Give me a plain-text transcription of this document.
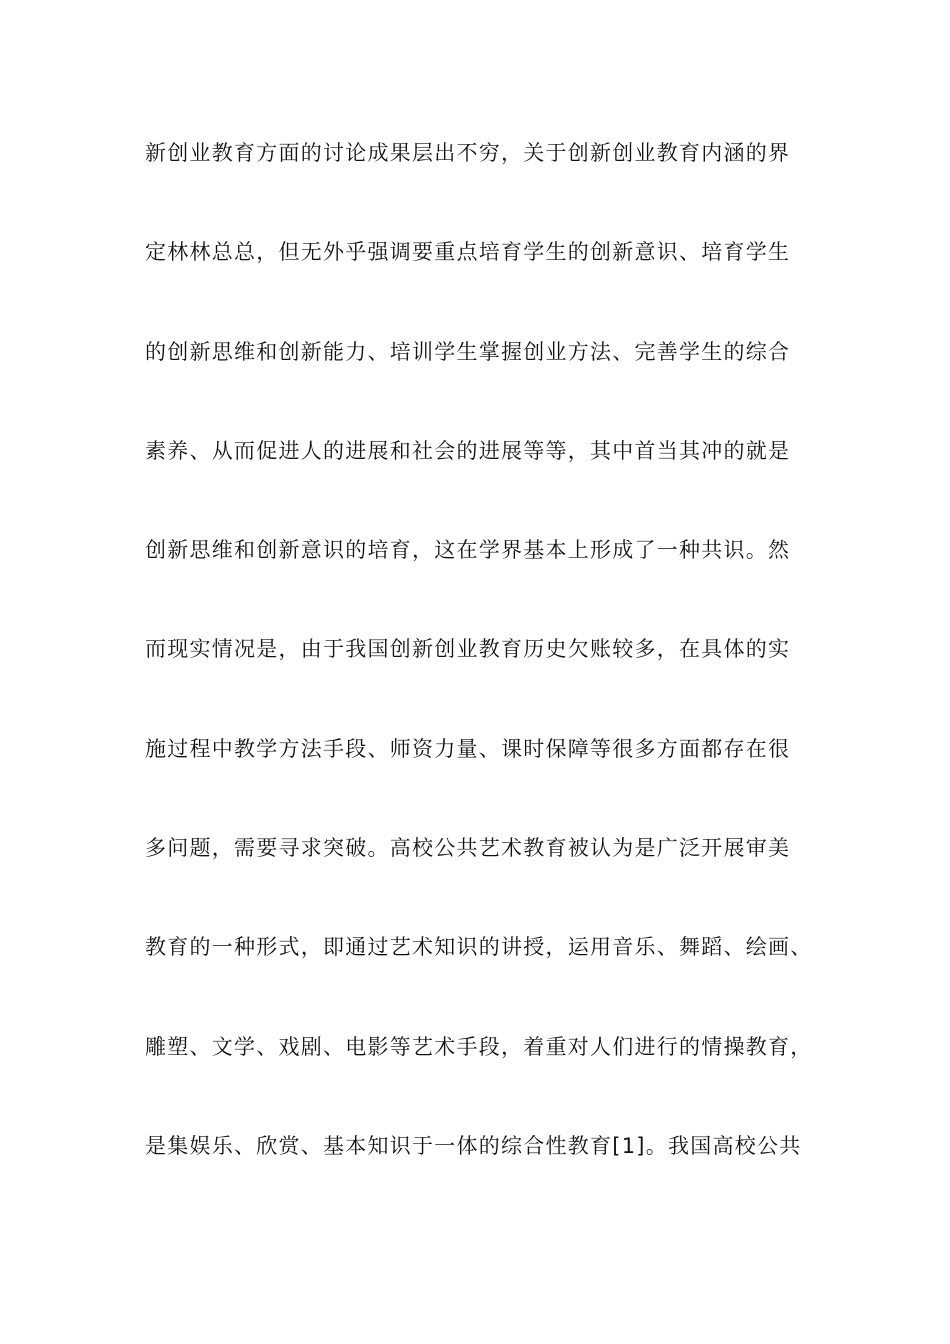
新创业教育方面的讨论成果层出不穷，关于创新创业教育内涵的界
定林林总总，但无外乎强调要重点培育学生的创新意识、培育学生
的创新思维和创新能力、培训学生掌握创业方法、完善学生的综合
素养、从而促进人的进展和社会的进展等等，其中首当其冲的就是
创新思维和创新意识的培育，这在学界基本上形成了一种共识。然
而现实情况是，由于我国创新创业教育历史欠账较多，在具体的实
施过程中教学方法手段、师资力量、课时保障等很多方面都存在很
多问题，需要寻求突破。高校公共艺术教育被认为是广泛开展审美
教育的一种形式，即通过艺术知识的讲授，运用音乐、舞蹈、绘画、
雕塑、文学、戏剧、电影等艺术手段，着重对人们进行的情操教育，
是集娱乐、欣赏、基本知识于一体的综合性教育[1]。我国高校公共
